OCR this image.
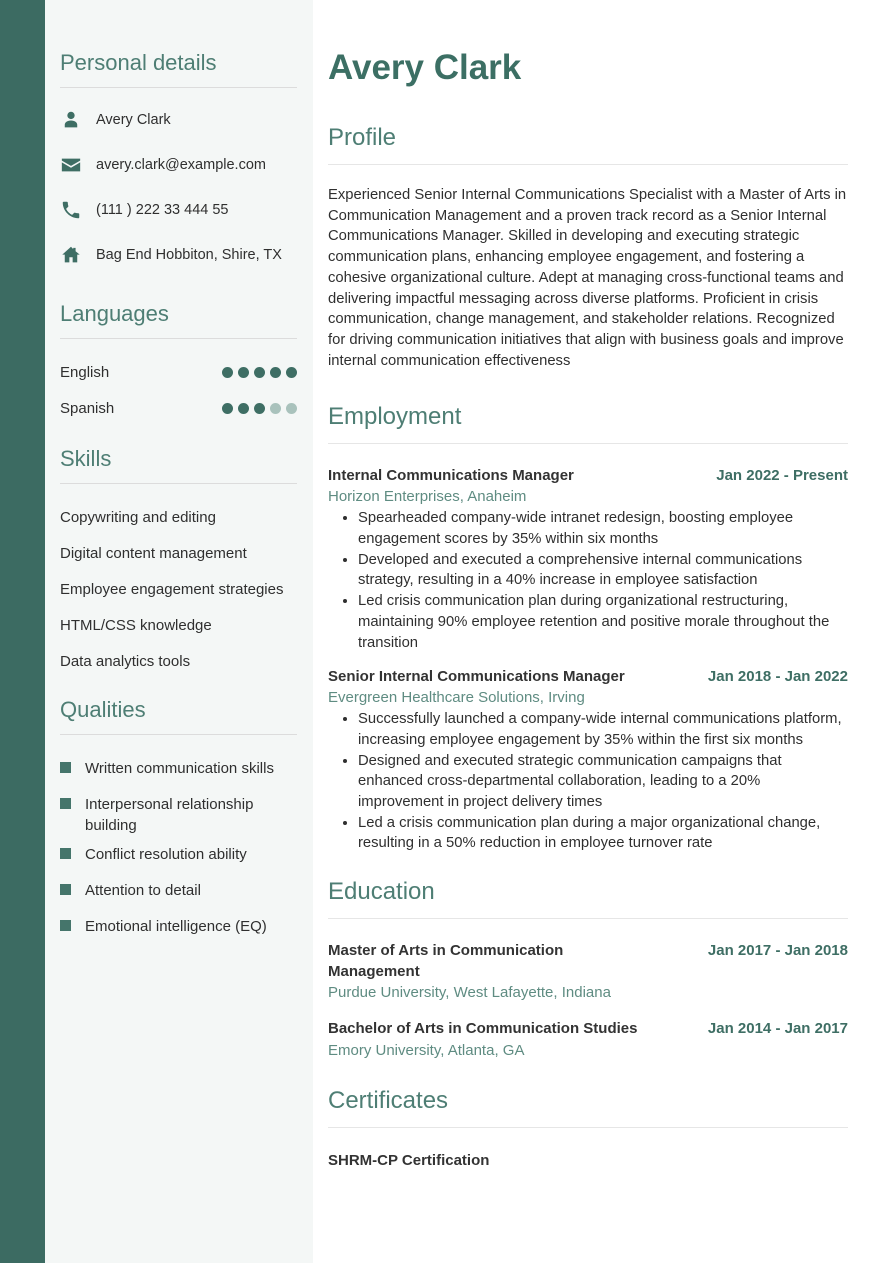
Personal details
Avery Clark
avery.clark@example.com
(111 ) 222 33 444 55
Bag End Hobbiton, Shire, TX
Languages
English
Spanish
Skills
Copywriting and editing
Digital content management
Employee engagement strategies
HTML/CSS knowledge
Data analytics tools
Qualities
Written communication skills
Interpersonal relationship building
Conflict resolution ability
Attention to detail
Emotional intelligence (EQ)
Avery Clark
Profile

Experienced Senior Internal Communications Specialist with a Master of Arts in Communication Management and a proven track record as a Senior Internal Communications Manager. Skilled in developing and executing strategic communication plans, enhancing employee engagement, and fostering a cohesive organizational culture. Adept at managing cross-functional teams and delivering impactful messaging across diverse platforms. Proficient in crisis communication, change management, and stakeholder relations. Recognized for driving communication initiatives that align with business goals and improve internal communication effectiveness

Employment
Internal Communications Manager	Jan 2022 - Present
Horizon Enterprises, Anaheim
• Spearheaded company-wide intranet redesign, boosting employee engagement scores by 35% within six months
• Developed and executed a comprehensive internal communications strategy, resulting in a 40% increase in employee satisfaction
• Led crisis communication plan during organizational restructuring, maintaining 90% employee retention and positive morale throughout the transition
Senior Internal Communications Manager	Jan 2018 - Jan 2022
Evergreen Healthcare Solutions, Irving
• Successfully launched a company-wide internal communications platform, increasing employee engagement by 35% within the first six months
• Designed and executed strategic communication campaigns that enhanced cross-departmental collaboration, leading to a 20% improvement in project delivery times
• Led a crisis communication plan during a major organizational change, resulting in a 50% reduction in employee turnover rate
Education
Master of Arts in Communication Management
Jan 2017 - Jan 2018
Purdue University, West Lafayette, Indiana
Bachelor of Arts in Communication Studies	Jan 2014 - Jan 2017
Emory University, Atlanta, GA
Certificates
SHRM-CP Certification
